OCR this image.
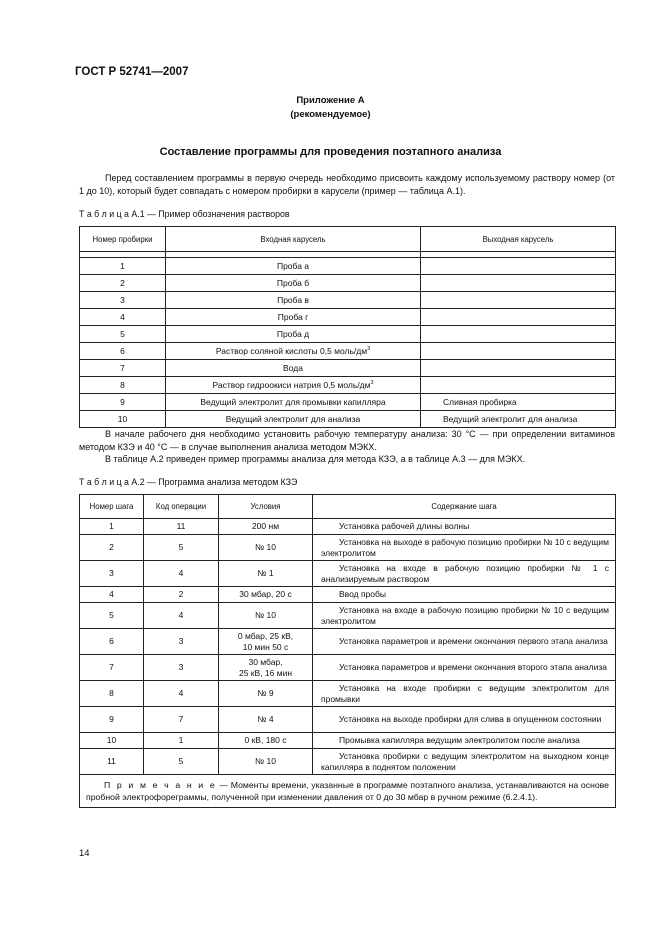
ГОСТ Р 52741—2007
Приложение А
(рекомендуемое)
Составление программы для проведения поэтапного анализа
Перед составлением программы в первую очередь необходимо присвоить каждому используемому раствору номер (от 1 до 10), который будет совпадать с номером пробирки в карусели (пример — таблица А.1).
Т а б л и ц а А.1 — Пример обозначения растворов
Номер пробирки	Входная карусель	Выходная карусель

1	Проба а	
2	Проба б	
3	Проба в	
4	Проба г	
5	Проба д	
6	Раствор соляной кислоты 0,5 моль/$дм^3$	
7	Вода	
8	Раствор гидроокиси натрия 0,5 моль/$дм^3$	
9	Ведущий электролит для промывки капилляра	Сливная пробирка
10	Ведущий электролит для анализа	Ведущий электролит для анализа
В начале рабочего дня необходимо установить рабочую температуру анализа: 30 °С — при определении витаминов методом КЗЭ и 40 °С — в случае выполнения анализа методом МЭКХ.
В таблице А.2 приведен пример программы анализа для метода КЗЭ, а в таблице А.3 — для МЭКХ.
Т а б л и ц а А.2 — Программа анализа методом КЗЭ
Номер шага	Код операции	Условия	Содержание шага
1	11	200 нм	Установка рабочей длины волны
2	5	№ 10	Установка на выходе в рабочую позицию пробирки № 10 с ведущим электролитом
3	4	№ 1	Установка на входе в рабочую позицию пробирки № 1 с анализируемым раствором
4	2	30 мбар, 20 с	Ввод пробы
5	4	№ 10	Установка на входе в рабочую позицию пробирки № 10 с ведущим электролитом
6	3	0 мбар, 25 кВ,
10 мин 50 с	Установка параметров и времени окончания первого этапа анализа
7	3	30 мбар,
25 кВ, 16 мин	Установка параметров и времени окончания второго этапа анализа
8	4	№ 9	Установка на входе пробирки с ведущим электролитом для промывки
9	7	№ 4	Установка на выходе пробирки для слива в опущенном состоянии
10	1	0 кВ, 180 с	Промывка капилляра ведущим электролитом после анализа
11	5	№ 10	Установка пробирки с ведущим электролитом на выходном конце капилляра в поднятом положении
П р и м е ч а н и е — Моменты времени, указанные в программе поэтапного анализа, устанавливаются на основе пробной электрофореграммы, полученной при изменении давления от 0 до 30 мбар в ручном режиме (6.2.4.1).			
14
